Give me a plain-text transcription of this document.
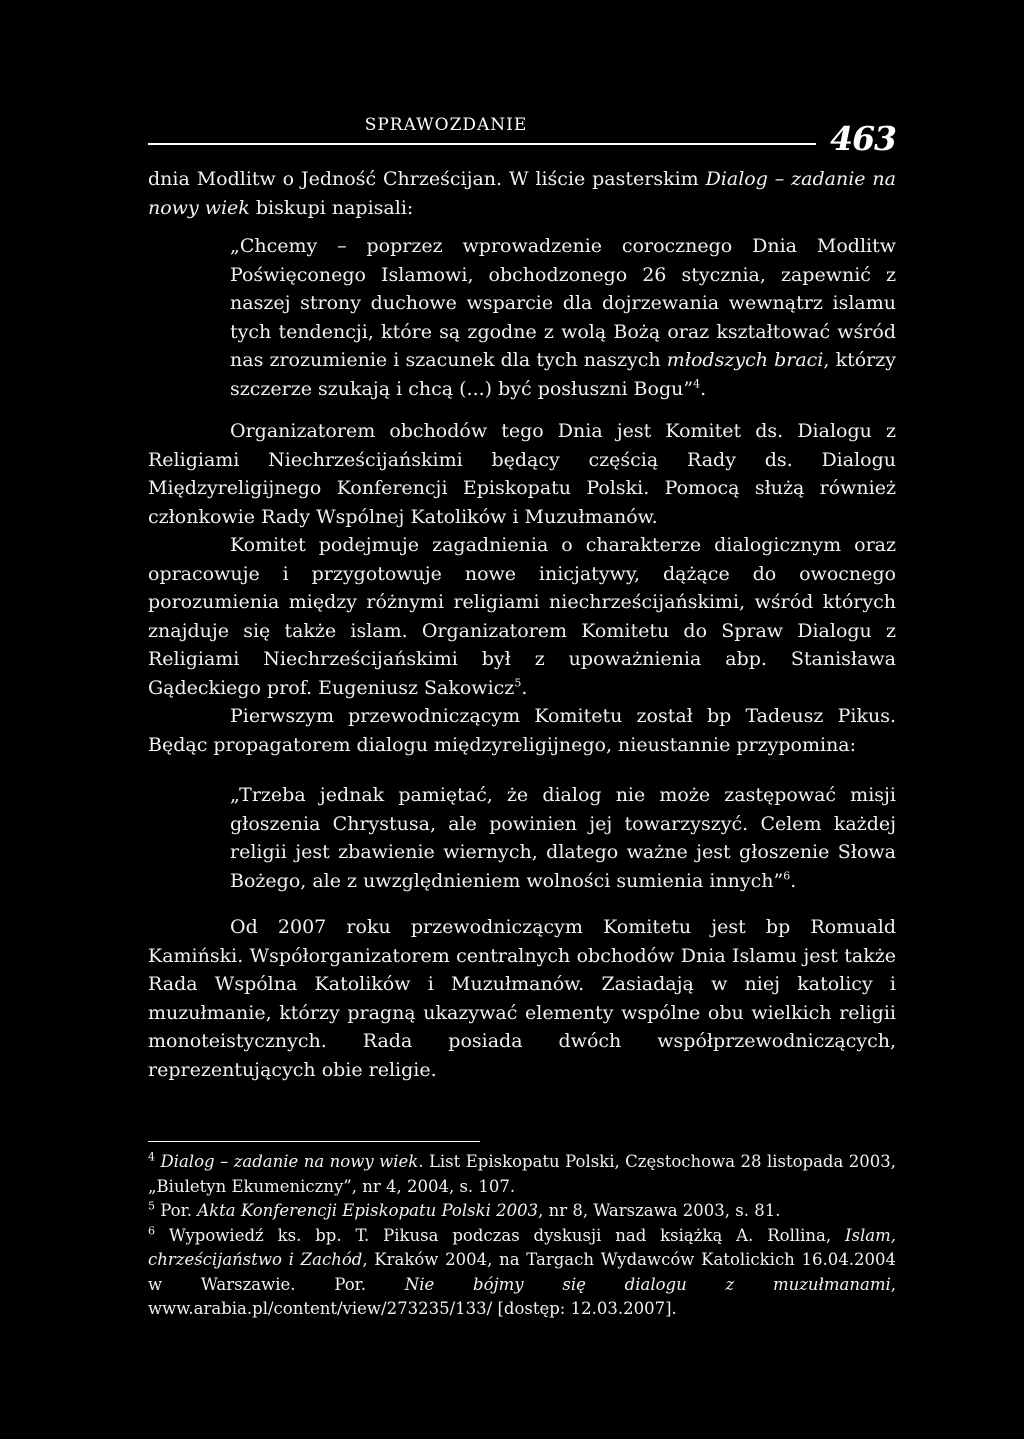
SPRAWOZDANIE	463

dnia Modlitw o Jedność Chrześcijan. W liście pasterskim Dialog – zadanie na nowy wiek biskupi napisali:

„Chcemy – poprzez wprowadzenie corocznego Dnia Modlitw Poświęconego Islamowi, obchodzonego 26 stycznia, zapewnić z naszej strony duchowe wsparcie dla dojrzewania wewnątrz islamu tych tendencji, które są zgodne z wolą Bożą oraz kształtować wśród nas zrozumienie i szacunek dla tych naszych młodszych braci, którzy szczerze szukają i chcą (...) być posłuszni Bogu”$^4$.

Organizatorem obchodów tego Dnia jest Komitet ds. Dialogu z Religiami Niechrześcijańskimi będący częścią Rady ds. Dialogu Międzyreligijnego Konferencji Episkopatu Polski. Pomocą służą również członkowie Rady Wspólnej Katolików i Muzułmanów.

Komitet podejmuje zagadnienia o charakterze dialogicznym oraz opracowuje i przygotowuje nowe inicjatywy, dążące do owocnego porozumienia między różnymi religiami niechrześcijańskimi, wśród których znajduje się także islam. Organizatorem Komitetu do Spraw Dialogu z Religiami Niechrześcijańskimi był z upoważnienia abp. Stanisława Gądeckiego prof. Eugeniusz Sakowicz$^5$.

Pierwszym przewodniczącym Komitetu został bp Tadeusz Pikus. Będąc propagatorem dialogu międzyreligijnego, nieustannie przypomina:

„Trzeba jednak pamiętać, że dialog nie może zastępować misji głoszenia Chrystusa, ale powinien jej towarzyszyć. Celem każdej religii jest zbawienie wiernych, dlatego ważne jest głoszenie Słowa Bożego, ale z uwzględnieniem wolności sumienia innych”$^6$.

Od 2007 roku przewodniczącym Komitetu jest bp Romuald Kamiński. Współorganizatorem centralnych obchodów Dnia Islamu jest także Rada Wspólna Katolików i Muzułmanów. Zasiadają w niej katolicy i muzułmanie, którzy pragną ukazywać elementy wspólne obu wielkich religii monoteistycznych. Rada posiada dwóch współprzewodniczących, reprezentujących obie religie.

$^4$ Dialog – zadanie na nowy wiek. List Episkopatu Polski, Częstochowa 28 listopada 2003, „Biuletyn Ekumeniczny”, nr 4, 2004, s. 107.

$^5$ Por. Akta Konferencji Episkopatu Polski 2003, nr 8, Warszawa 2003, s. 81.

$^6$ Wypowiedź ks. bp. T. Pikusa podczas dyskusji nad książką A. Rollina, Islam, chrześcijaństwo i Zachód, Kraków 2004, na Targach Wydawców Katolickich 16.04.2004 w Warszawie. Por. Nie bójmy się dialogu z muzułmanami, www.arabia.pl/content/view/273235/133/ [dostęp: 12.03.2007].
